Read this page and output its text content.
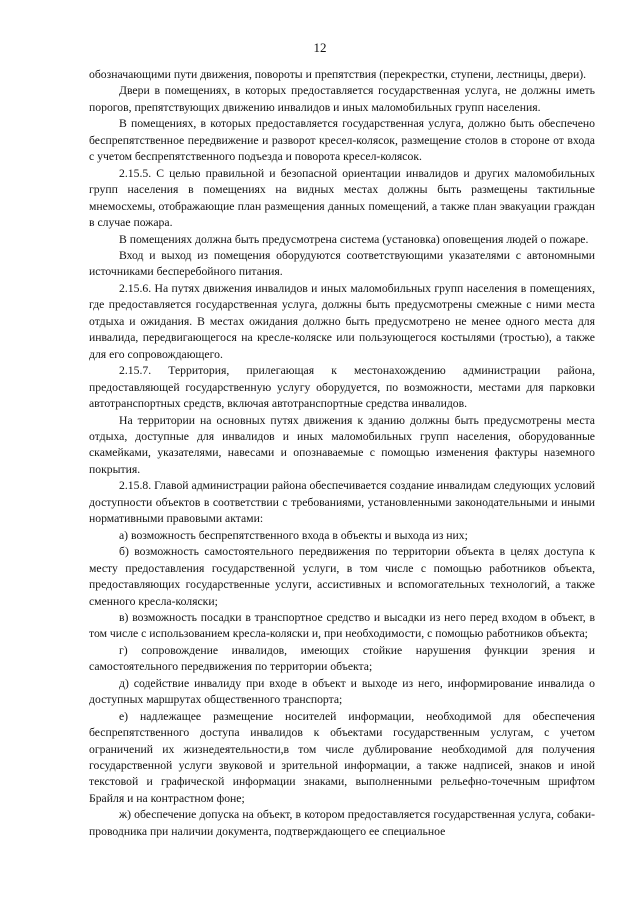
12

обозначающими пути движения, повороты и препятствия (перекрестки, ступени, лестницы, двери).

Двери в помещениях, в которых предоставляется государственная услуга, не должны иметь порогов, препятствующих движению инвалидов и иных маломобильных групп населения.

В помещениях, в которых предоставляется государственная услуга, должно быть обеспечено беспрепятственное передвижение и разворот кресел-колясок, размещение столов в стороне от входа с учетом беспрепятственного подъезда и поворота кресел-колясок.

2.15.5. С целью правильной и безопасной ориентации инвалидов и других маломобильных групп населения в помещениях на видных местах должны быть размещены тактильные мнемосхемы, отображающие план размещения данных помещений, а также план эвакуации граждан в случае пожара.

В помещениях должна быть предусмотрена система (установка) оповещения людей о пожаре.

Вход и выход из помещения оборудуются соответствующими указателями с автономными источниками бесперебойного питания.

2.15.6. На путях движения инвалидов и иных маломобильных групп населения в помещениях, где предоставляется государственная услуга, должны быть предусмотрены смежные с ними места отдыха и ожидания. В местах ожидания должно быть предусмотрено не менее одного места для инвалида, передвигающегося на кресле-коляске или пользующегося костылями (тростью), а также для его сопровождающего.

2.15.7. Территория, прилегающая к местонахождению администрации района, предоставляющей государственную услугу оборудуется, по возможности, местами для парковки автотранспортных средств, включая автотранспортные средства инвалидов.

На территории на основных путях движения к зданию должны быть предусмотрены места отдыха, доступные для инвалидов и иных маломобильных групп населения, оборудованные скамейками, указателями, навесами и опознаваемые с помощью изменения фактуры наземного покрытия.

2.15.8. Главой администрации района обеспечивается создание инвалидам следующих условий доступности объектов в соответствии с требованиями, установленными законодательными и иными нормативными правовыми актами:

а) возможность беспрепятственного входа в объекты и выхода из них;

б) возможность самостоятельного передвижения по территории объекта в целях доступа к месту предоставления государственной услуги, в том числе с помощью работников объекта, предоставляющих государственные услуги, ассистивных и вспомогательных технологий, а также сменного кресла-коляски;

в) возможность посадки в транспортное средство и высадки из него перед входом в объект, в том числе с использованием кресла-коляски и, при необходимости, с помощью работников объекта;

г) сопровождение инвалидов, имеющих стойкие нарушения функции зрения и самостоятельного передвижения по территории объекта;

д) содействие инвалиду при входе в объект и выходе из него, информирование инвалида о доступных маршрутах общественного транспорта;

е) надлежащее размещение носителей информации, необходимой для обеспечения беспрепятственного доступа инвалидов к объектами государственным услугам, с учетом ограничений их жизнедеятельности,в том числе дублирование необходимой для получения государственной услуги звуковой и зрительной информации, а также надписей, знаков и иной текстовой и графической информации знаками, выполненными рельефно-точечным шрифтом Брайля и на контрастном фоне;

ж) обеспечение допуска на объект, в котором предоставляется государственная услуга, собаки-проводника при наличии документа, подтверждающего ее специальное
